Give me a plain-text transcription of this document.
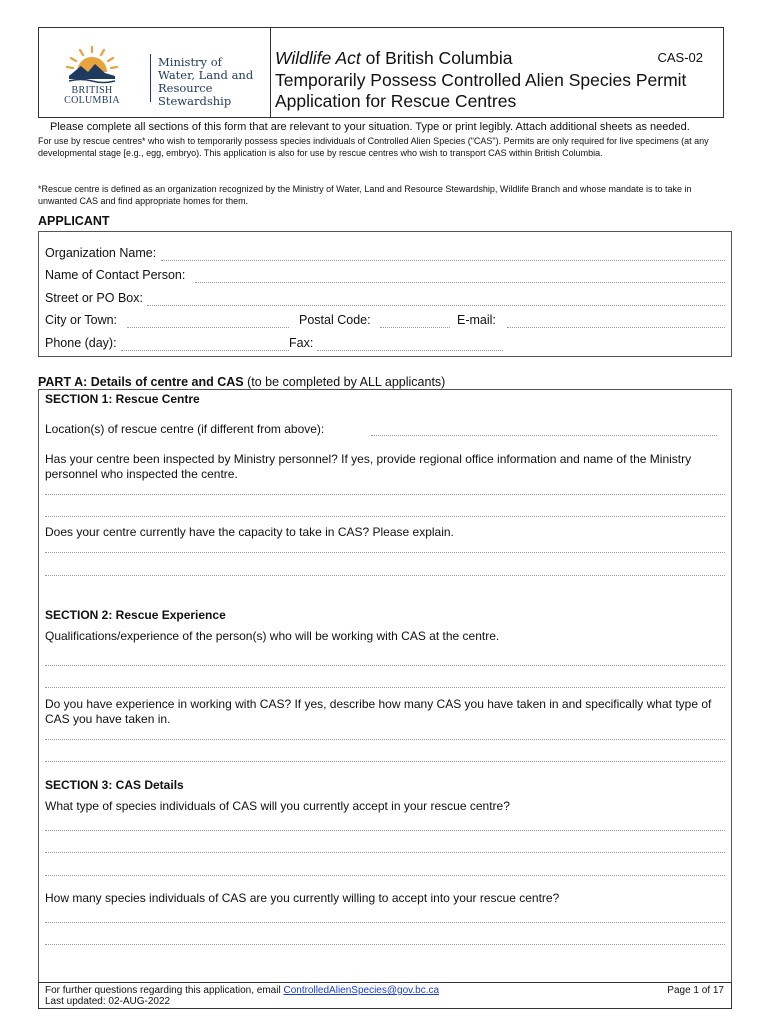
BRITISH
COLUMBIA
Ministry of
Water, Land and
Resource Stewardship
Wildlife Act of British Columbia	CAS-02
Temporarily Possess Controlled Alien Species Permit
Application for Rescue Centres
Please complete all sections of this form that are relevant to your situation. Type or print legibly. Attach additional sheets as needed.
For use by rescue centres* who wish to temporarily possess species individuals of Controlled Alien Species ("CAS"). Permits are only required for live specimens (at any developmental stage [e.g., egg, embryo). This application is also for use by rescue centres who wish to transport CAS within British Columbia.
*Rescue centre is defined as an organization recognized by the Ministry of Water, Land and Resource Stewardship, Wildlife Branch and whose mandate is to take in unwanted CAS and find appropriate homes for them.
APPLICANT
Organization Name:
Name of Contact Person:
Street or PO Box:
City or Town:	Postal Code:	E-mail:
Phone (day):	Fax:
PART A: Details of centre and CAS (to be completed by ALL applicants)
SECTION 1: Rescue Centre
Location(s) of rescue centre (if different from above):
Has your centre been inspected by Ministry personnel? If yes, provide regional office information and name of the Ministry personnel who inspected the centre.
Does your centre currently have the capacity to take in CAS? Please explain.
SECTION 2: Rescue Experience
Qualifications/experience of the person(s) who will be working with CAS at the centre.
Do you have experience in working with CAS? If yes, describe how many CAS you have taken in and specifically what type of CAS you have taken in.
SECTION 3: CAS Details
What type of species individuals of CAS will you currently accept in your rescue centre?
How many species individuals of CAS are you currently willing to accept into your rescue centre?
For further questions regarding this application, email ControlledAlienSpecies@gov.bc.ca
Last updated: 02-AUG-2022
Page 1 of 17
